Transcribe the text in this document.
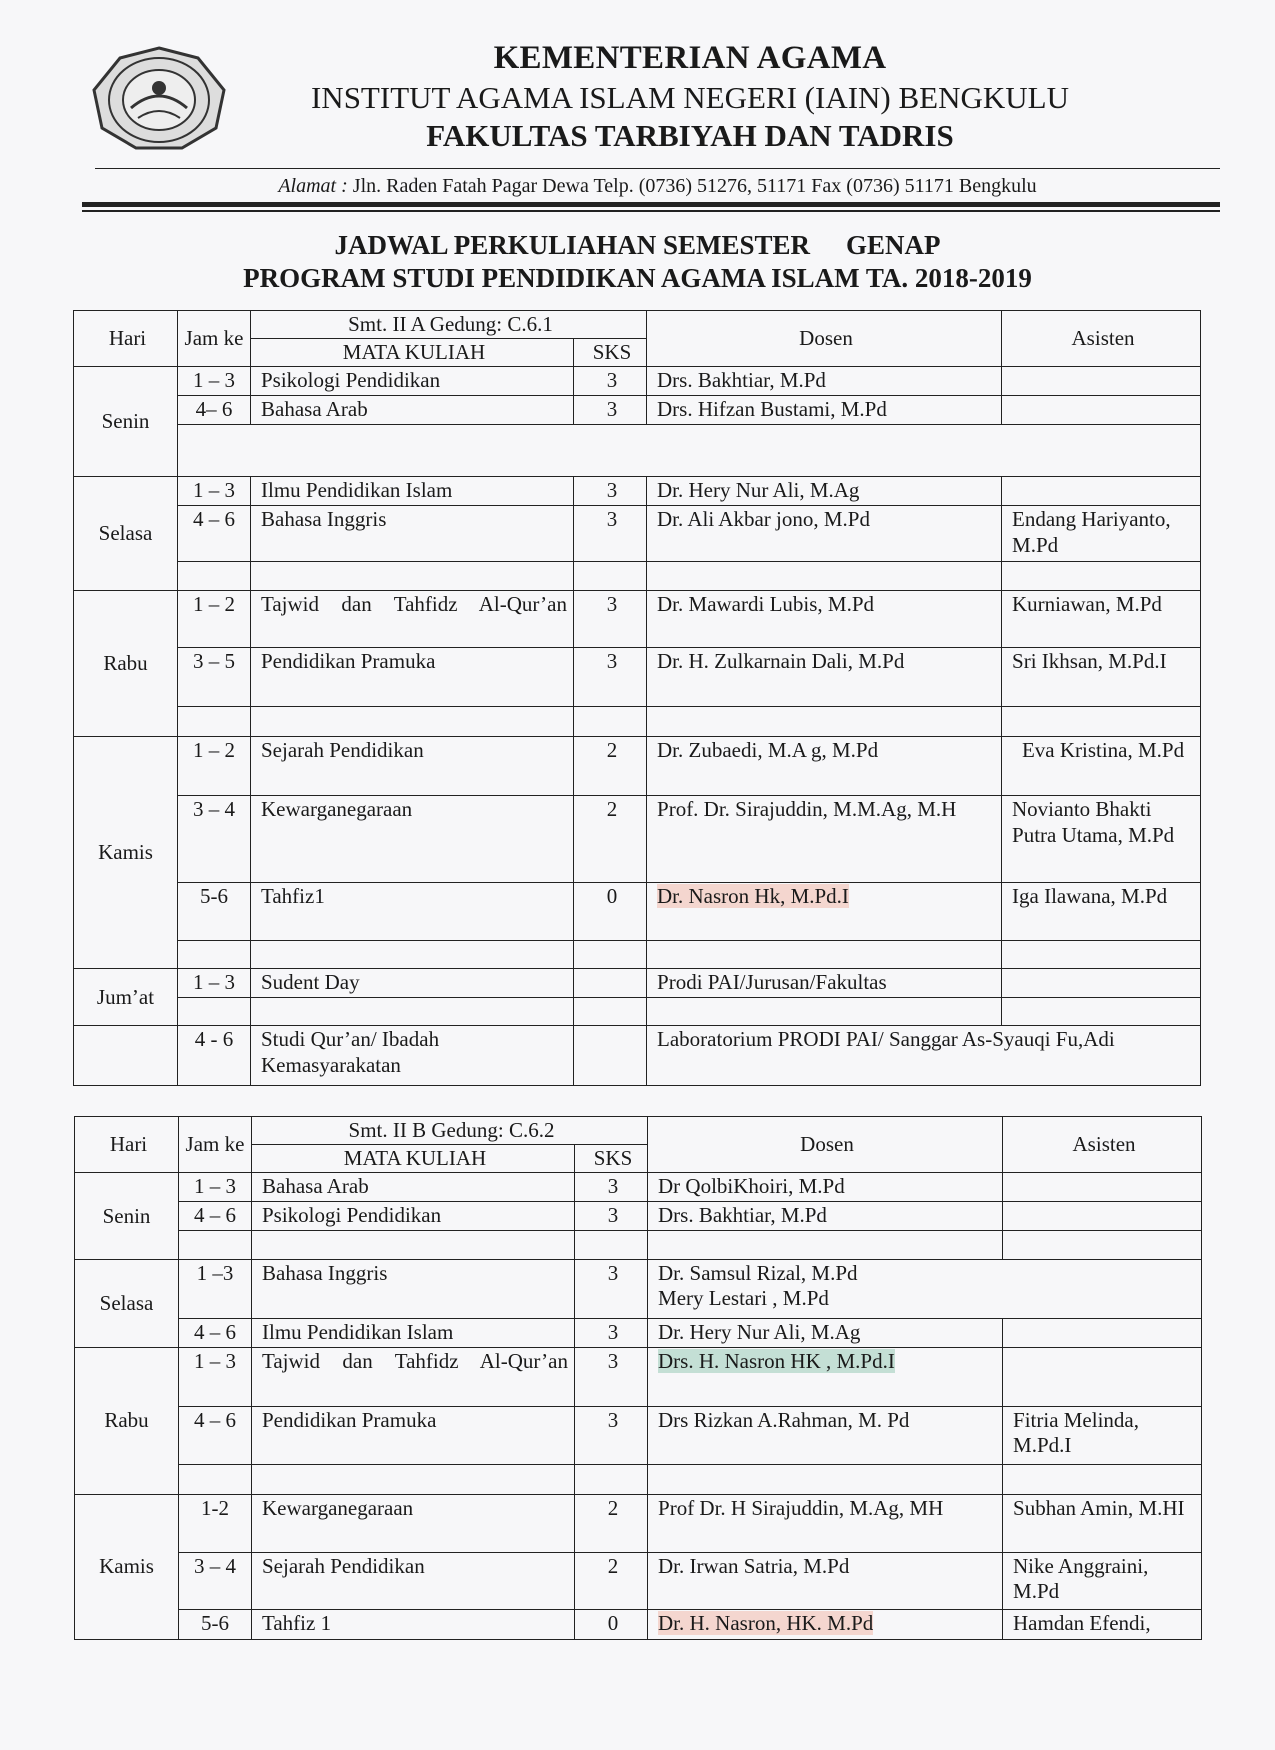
KEMENTERIAN AGAMA
INSTITUT AGAMA ISLAM NEGERI (IAIN) BENGKULU
FAKULTAS TARBIYAH DAN TADRIS
Alamat : Jln. Raden Fatah Pagar Dewa Telp. (0736) 51276, 51171 Fax (0736) 51171 Bengkulu
JADWAL PERKULIAHAN SEMESTER GENAP
PROGRAM STUDI PENDIDIKAN AGAMA ISLAM TA. 2018-2019
Hari	Jam ke	Smt. II A Gedung: C.6.1		Dosen	Asisten
		MATA KULIAH	SKS		
Senin	1 – 3	Psikologi Pendidikan	3	Drs. Bakhtiar, M.Pd	
	4– 6	Bahasa Arab	3	Drs. Hifzan Bustami, M.Pd	

Selasa	1 – 3	Ilmu Pendidikan Islam	3	Dr. Hery Nur Ali, M.Ag	
	4 – 6	Bahasa Inggris	3	Dr. Ali Akbar jono, M.Pd	Endang Hariyanto, M.Pd

Rabu	1 – 2	Tajwid dan Tahfidz Al-Qur’an	3	Dr. Mawardi Lubis, M.Pd	Kurniawan, M.Pd
	3 – 5	Pendidikan Pramuka	3	Dr. H. Zulkarnain Dali, M.Pd	Sri Ikhsan, M.Pd.I

Kamis	1 – 2	Sejarah Pendidikan	2	Dr. Zubaedi, M.A g, M.Pd	Eva Kristina, M.Pd
	3 – 4	Kewarganegaraan	2	Prof. Dr. Sirajuddin, M.M.Ag, M.H	Novianto Bhakti Putra Utama, M.Pd
	5-6	Tahfiz1	0	Dr. Nasron Hk, M.Pd.I	Iga Ilawana, M.Pd

Jum’at	1 – 3	Sudent Day		Prodi PAI/Jurusan/Fakultas	

	4 - 6	Studi Qur’an/ Ibadah Kemasyarakatan		Laboratorium PRODI PAI/ Sanggar As-Syauqi Fu,Adi	
Hari	Jam ke	Smt. II B Gedung: C.6.2		Dosen	Asisten
		MATA KULIAH	SKS		
Senin	1 – 3	Bahasa Arab	3	Dr QolbiKhoiri, M.Pd	
	4 – 6	Psikologi Pendidikan	3	Drs. Bakhtiar, M.Pd	

Selasa	1 –3	Bahasa Inggris	3	Dr. Samsul Rizal, M.Pd
Mery Lestari , M.Pd	

	4 – 6	Ilmu Pendidikan Islam	3	Dr. Hery Nur Ali, M.Ag	
Rabu	1 – 3	Tajwid dan Tahfidz Al-Qur’an	3	Drs. H. Nasron HK , M.Pd.I	
	4 – 6	Pendidikan Pramuka	3	Drs Rizkan A.Rahman, M. Pd	Fitria Melinda, M.Pd.I

Kamis	1-2	Kewarganegaraan	2	Prof Dr. H Sirajuddin, M.Ag, MH	Subhan Amin, M.HI
	3 – 4	Sejarah Pendidikan	2	Dr. Irwan Satria, M.Pd	Nike Anggraini, M.Pd
	5-6	Tahfiz 1	0	Dr. H. Nasron, HK. M.Pd	Hamdan Efendi,
